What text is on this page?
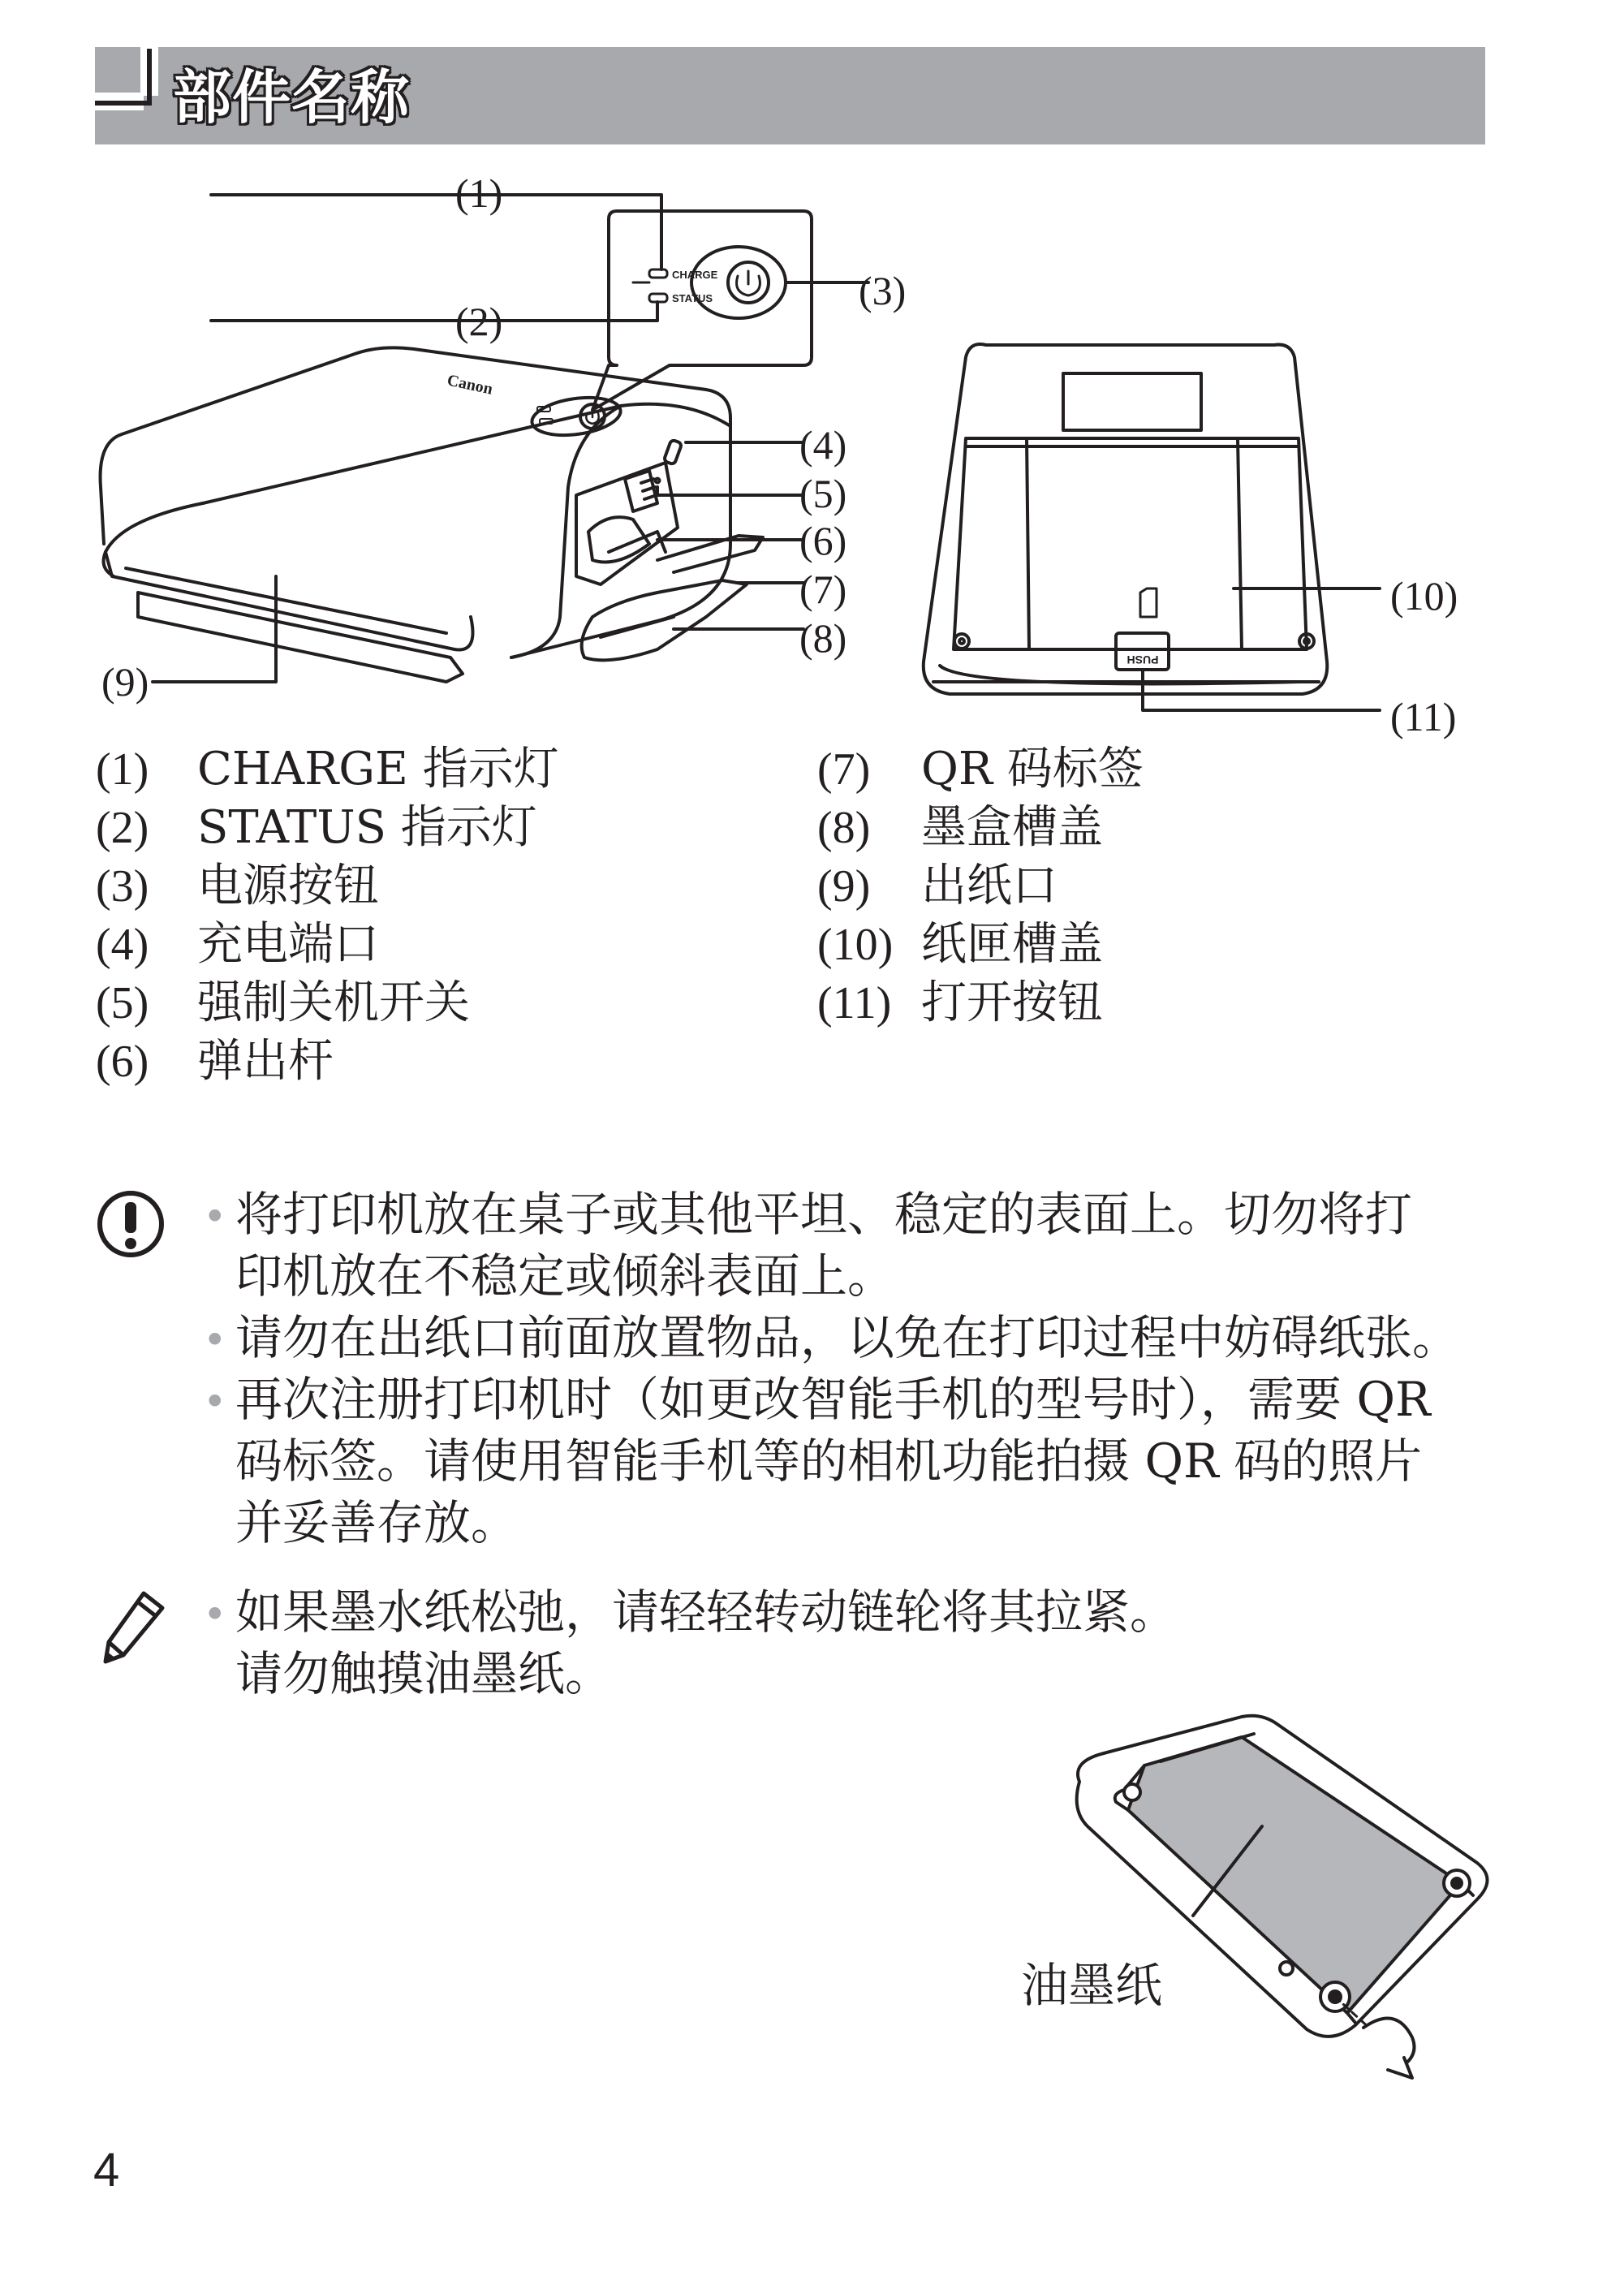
部件名称
Canon
CHARGE
STATUS
(1)
(2)
(3)
(4)
(5)
(6)
(7)
(8)
(9)	PUSH
(10)
(11)
(1) CHARGE 指示灯
(2) STATUS 指示灯
(3) 电源按钮
(4) 充电端口
(5) 强制关机开关
(6) 弹出杆
(7) QR 码标签
(8) 墨盒槽盖
(9) 出纸口
(10) 纸匣槽盖
(11) 打开按钮
• 将打印机放在桌子或其他平坦、稳定的表面上。切勿将打
印机放在不稳定或倾斜表面上。
• 请勿在出纸口前面放置物品，以免在打印过程中妨碍纸张。
• 再次注册打印机时（如更改智能手机的型号时），需要 QR
码标签。请使用智能手机等的相机功能拍摄 QR 码的照片
并妥善存放。
• 如果墨水纸松弛，请轻轻转动链轮将其拉紧。
请勿触摸油墨纸。
油墨纸
4
